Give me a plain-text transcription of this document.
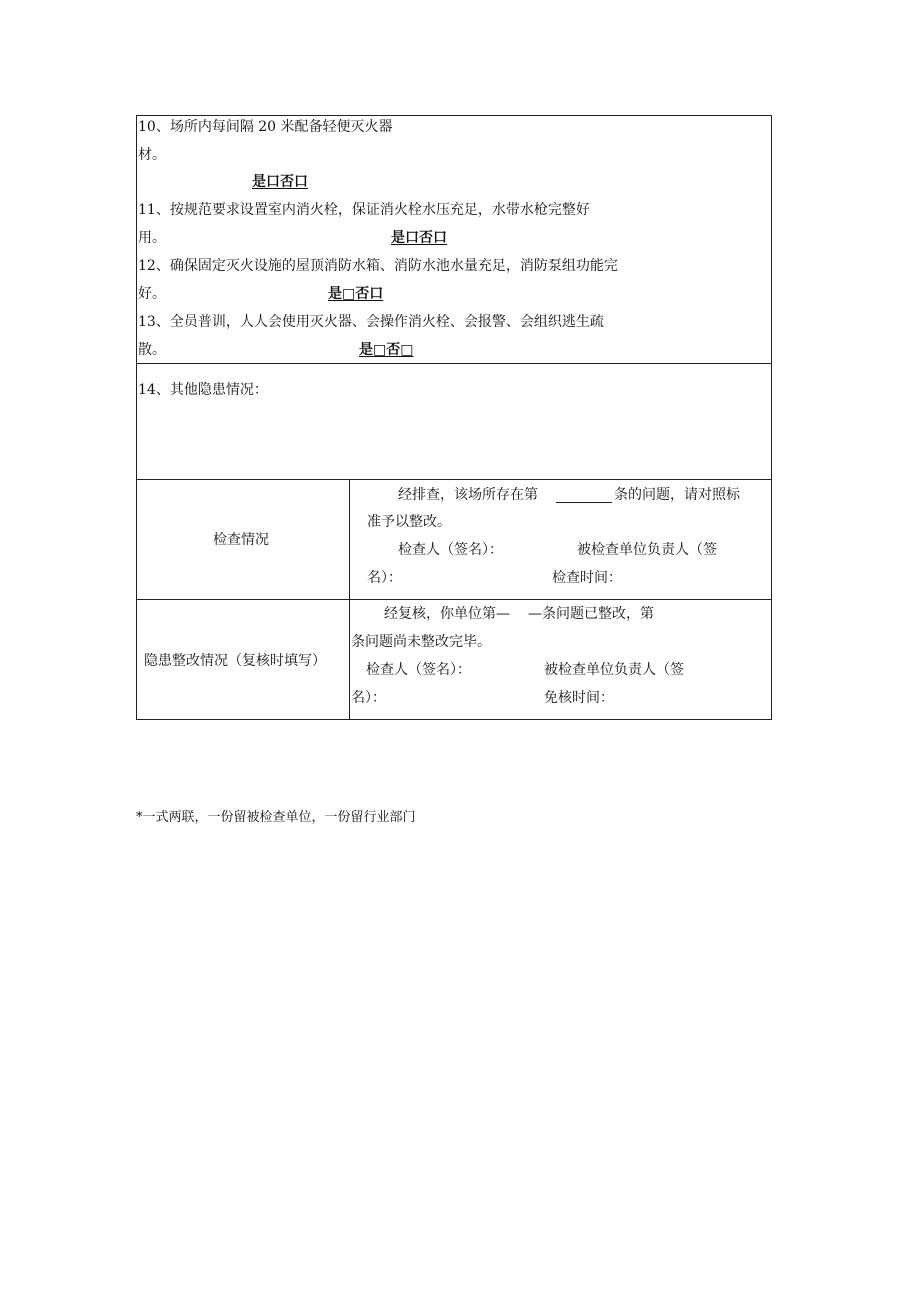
10、场所内每间隔 20 米配备轻便灭火器
材。
是口否口
11、按规范要求设置室内消火栓，保证消火栓水压充足，水带水枪完整好
用。	是口否口
12、确保固定灭火设施的屋顶消防水箱、消防水池水量充足，消防泵组功能完
好。	是□否口
13、全员普训，人人会使用灭火器、会操作消火栓、会报警、会组织逃生疏
散。	是□否□
14、其他隐患情况：
检查情况
经排查，该场所存在第	条的问题，请对照标
准予以整改。
检查人（签名）：	被检查单位负责人（签
名）：	检查时间：
隐患整改情况（复核时填写）
经复核，你单位第— —条问题已整改，第
条问题尚未整改完毕。
检查人（签名）：	被检查单位负责人（签
名）：	免核时间：
*一式两联，一份留被检查单位，一份留行业部门
